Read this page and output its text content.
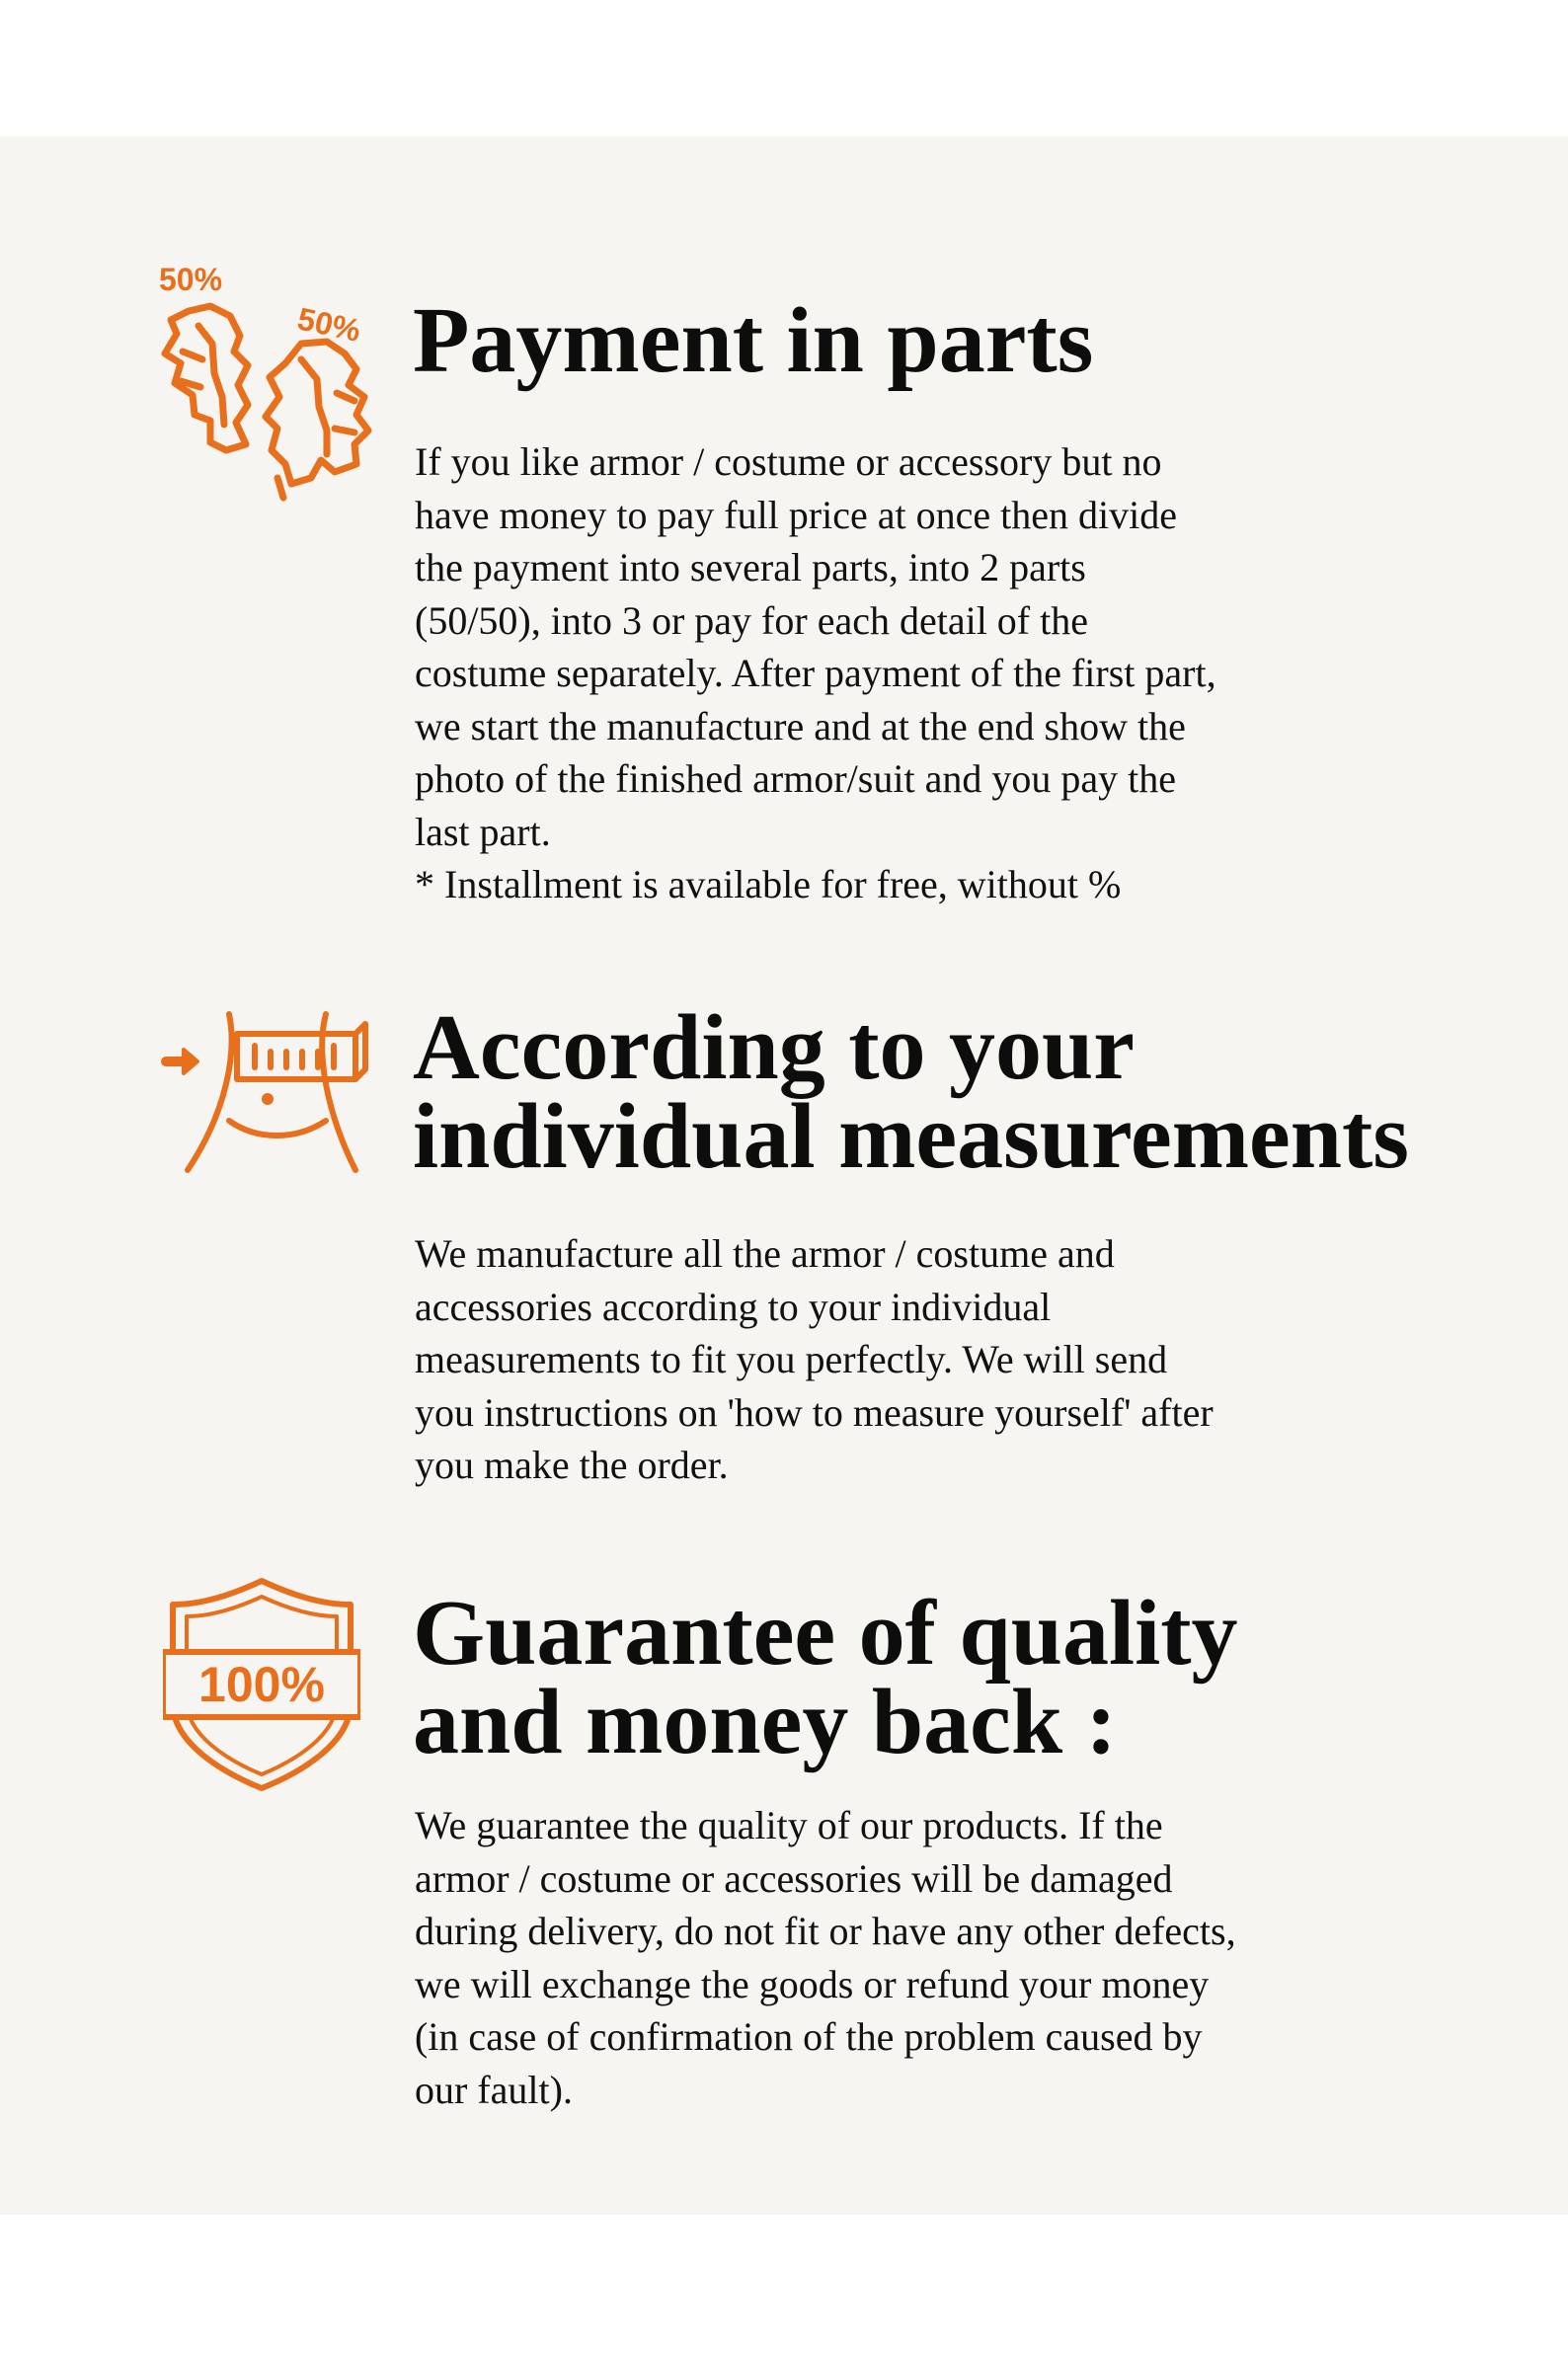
50%
50% Payment in parts

If you like armor / costume or accessory but no
have money to pay full price at once then divide
the payment into several parts, into 2 parts
(50/50), into 3 or pay for each detail of the
costume separately. After payment of the first part,
we start the manufacture and at the end show the
photo of the finished armor/suit and you pay the
last part.
* Installment is available for free, without %

According to your
individual measurements

We manufacture all the armor / costume and
accessories according to your individual
measurements to fit you perfectly. We will send
you instructions on 'how to measure yourself' after
you make the order.

100% Guarantee of quality
and money back :

We guarantee the quality of our products. If the
armor / costume or accessories will be damaged
during delivery, do not fit or have any other defects,
we will exchange the goods or refund your money
(in case of confirmation of the problem caused by
our fault).
